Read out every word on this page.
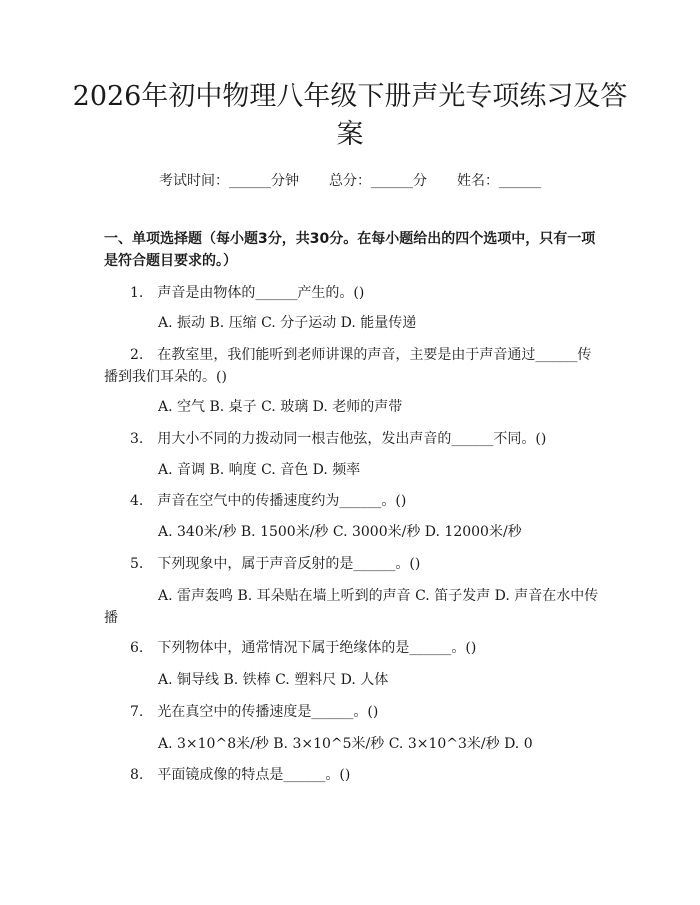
2026年初中物理八年级下册声光专项练习及答案
考试时间：______分钟 总分：______分 姓名：______
一、单项选择题（每小题3分，共30分。在每小题给出的四个选项中，只有一项是符合题目要求的。）
1.　声音是由物体的______产生的。()
A. 振动 B. 压缩 C. 分子运动 D. 能量传递
2.　在教室里，我们能听到老师讲课的声音，主要是由于声音通过______传播到我们耳朵的。()
A. 空气 B. 桌子 C. 玻璃 D. 老师的声带
3.　用大小不同的力拨动同一根吉他弦，发出声音的______不同。()
A. 音调 B. 响度 C. 音色 D. 频率
4.　声音在空气中的传播速度约为______。()
A. 340米/秒 B. 1500米/秒 C. 3000米/秒 D. 12000米/秒
5.　下列现象中，属于声音反射的是______。()
A. 雷声轰鸣 B. 耳朵贴在墙上听到的声音 C. 笛子发声 D. 声音在水中传播
6.　下列物体中，通常情况下属于绝缘体的是______。()
A. 铜导线 B. 铁棒 C. 塑料尺 D. 人体
7.　光在真空中的传播速度是______。()
A. 3×10^8米/秒 B. 3×10^5米/秒 C. 3×10^3米/秒 D. 0
8.　平面镜成像的特点是______。()
